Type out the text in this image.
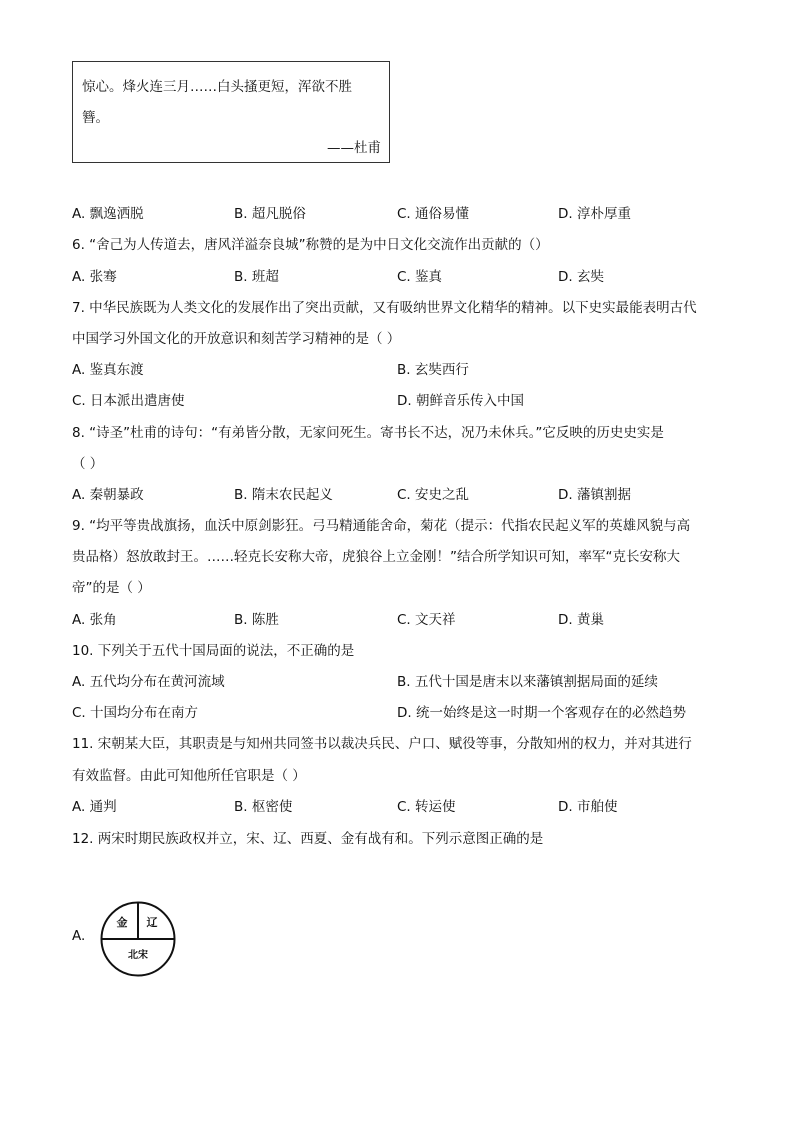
惊心。烽火连三月……白头搔更短，浑欲不胜
簪。
——杜甫
A. 飘逸洒脱	B. 超凡脱俗	C. 通俗易懂	D. 淳朴厚重
6. “舍己为人传道去，唐风洋溢奈良城”称赞的是为中日文化交流作出贡献的（）
A. 张骞	B. 班超	C. 鉴真	D. 玄奘
7. 中华民族既为人类文化的发展作出了突出贡献，又有吸纳世界文化精华的精神。以下史实最能表明古代
中国学习外国文化的开放意识和刻苦学习精神的是（ ）
A. 鉴真东渡	B. 玄奘西行
C. 日本派出遣唐使	D. 朝鲜音乐传入中国
8. “诗圣”杜甫的诗句：“有弟皆分散，无家问死生。寄书长不达，况乃未休兵。”它反映的历史史实是
（ ）
A. 秦朝暴政	B. 隋末农民起义	C. 安史之乱	D. 藩镇割据
9. “均平等贵战旗扬，血沃中原剑影狂。弓马精通能舍命，菊花（提示：代指农民起义军的英雄风貌与高
贵品格）怒放敢封王。……轻克长安称大帝，虎狼谷上立金刚！”结合所学知识可知，率军“克长安称大
帝”的是（ ）
A. 张角	B. 陈胜	C. 文天祥	D. 黄巢
10. 下列关于五代十国局面的说法，不正确的是
A. 五代均分布在黄河流域	B. 五代十国是唐末以来藩镇割据局面的延续
C. 十国均分布在南方	D. 统一始终是这一时期一个客观存在的必然趋势
11. 宋朝某大臣，其职责是与知州共同签书以裁决兵民、户口、赋役等事，分散知州的权力，并对其进行
有效监督。由此可知他所任官职是（ ）
A. 通判	B. 枢密使	C. 转运使	D. 市舶使
12. 两宋时期民族政权并立，宋、辽、西夏、金有战有和。下列示意图正确的是
A.
金 辽
北宋
